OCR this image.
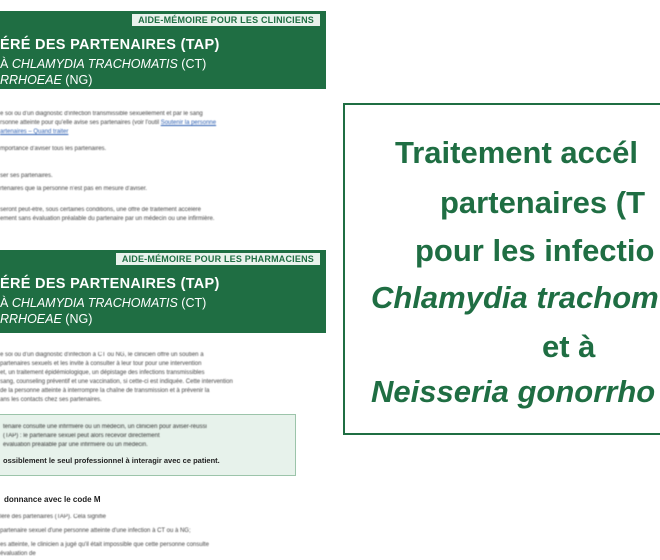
AIDE-MÉMOIRE POUR LES CLINICIENS
ÉRÉ DES PARTENAIRES (TAP)
À CHLAMYDIA TRACHOMATIS (CT)
RRHOEAE (NG)
e soi ou d'un diagnostic d'infection transmissible sexuellement et par le sang
rsonne atteinte pour qu'elle avise ses partenaires (voir l'outil Soutenir la personne
artenaires – Quand traiter
mportance d'aviser tous les partenaires.
ser ses partenaires.
rtenaires que la personne n'est pas en mesure d'aviser.
seront peut-être, sous certaines conditions, une offre de traitement accéléré
ement sans évaluation préalable du partenaire par un médecin ou une infirmière.
AIDE-MÉMOIRE POUR LES PHARMACIENS
ÉRÉ DES PARTENAIRES (TAP)
À CHLAMYDIA TRACHOMATIS (CT)
RRHOEAE (NG)
e soi ou d'un diagnostic d'infection à CT ou NG, le clinicien offre un soutien à
partenaires sexuels et les invite à consulter à leur tour pour une intervention
et, un traitement épidémiologique, un dépistage des infections transmissibles
sang, counseling préventif et une vaccination, si cette-ci est indiquée. Cette intervention
de la personne atteinte à interrompre la chaîne de transmission et à prévenir la
ans les contacts chez ses partenaires.
tenaire consulte une infirmière ou un médecin, un clinicien pour aviser-réussi
(TAP) : le partenaire sexuel peut alors recevoir directement
évaluation préalable par une infirmière ou un médecin.
ossiblement le seul professionnel à interagir avec ce patient.
donnance avec le code M
léré des partenaires (TAP). Cela signifie
partenaire sexuel d'une personne atteinte d'une infection à CT ou à NG;
es atteinte, le clinicien a jugé qu'il était impossible que cette personne consulte
évaluation de
Traitement accél
partenaires (T
pour les infectio
Chlamydia trachom
et à
Neisseria gonorrho
